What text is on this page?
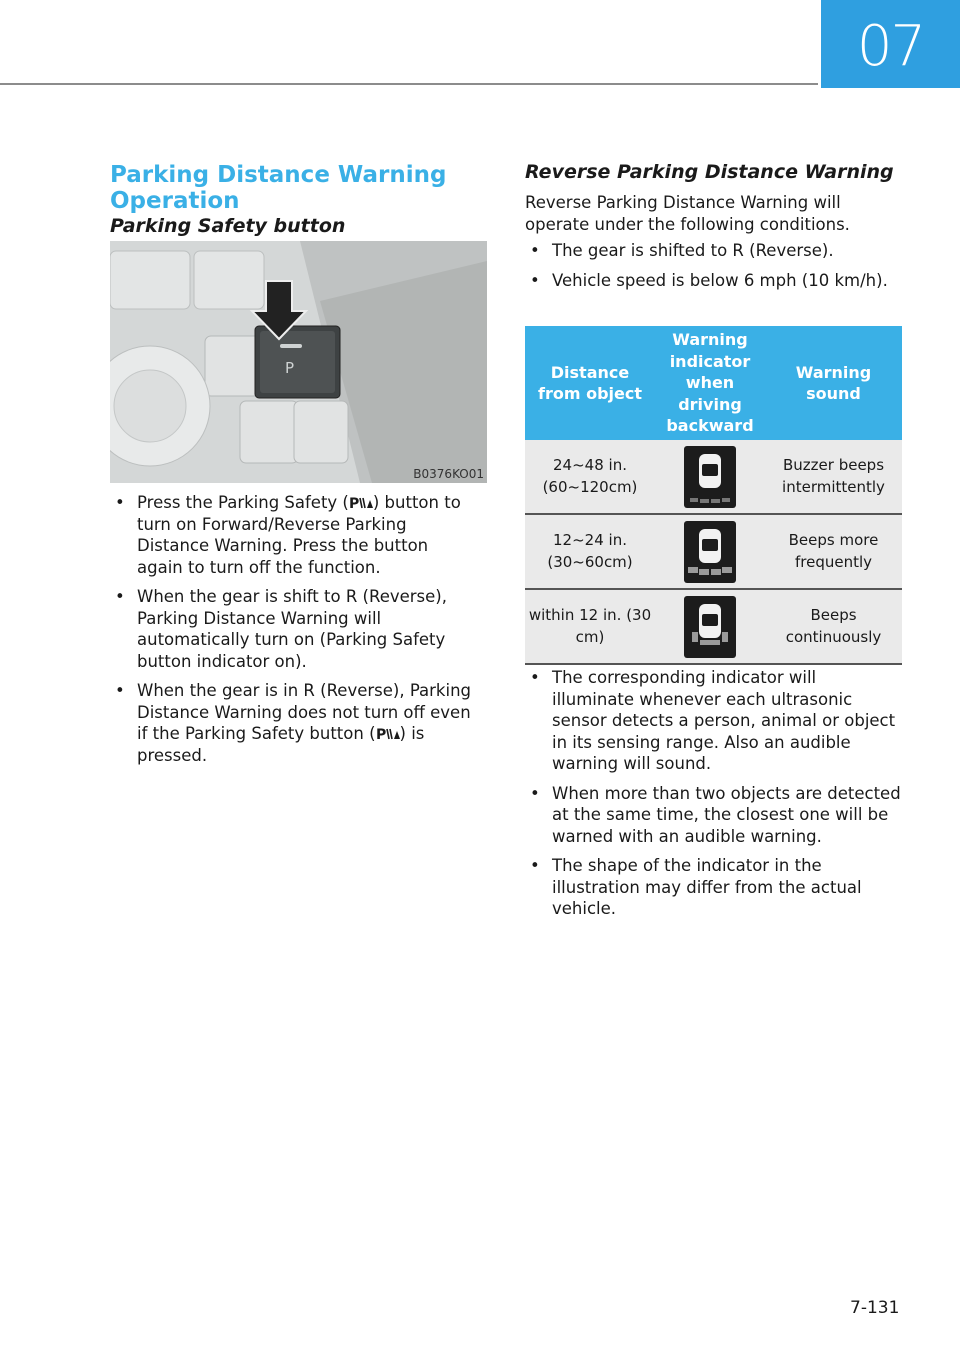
07
Parking Distance Warning Operation
Parking Safety button
P
B0376KO01
• Press the Parking Safety ( P ) button to turn on Forward/Reverse Parking Distance Warning. Press the button again to turn off the function.
• When the gear is shift to R (Reverse), Parking Distance Warning will automatically turn on (Parking Safety button indicator on).
• When the gear is in R (Reverse), Parking Distance Warning does not turn off even if the Parking Safety button ( P ) is pressed.
Reverse Parking Distance Warning

Reverse Parking Distance Warning will operate under the following conditions.

• The gear is shifted to R (Reverse).
• Vehicle speed is below 6 mph (10 km/h).
Distance from object	Warning indicator when driving backward	Warning sound
24~48 in. (60~120cm)		Buzzer beeps intermittently
12~24 in. (30~60cm)		Beeps more frequently
within 12 in. (30 cm)		Beeps continuously
• The corresponding indicator will illuminate whenever each ultrasonic sensor detects a person, animal or object in its sensing range. Also an audible warning will sound.
• When more than two objects are detected at the same time, the closest one will be warned with an audible warning.
• The shape of the indicator in the illustration may differ from the actual vehicle.
7-131
